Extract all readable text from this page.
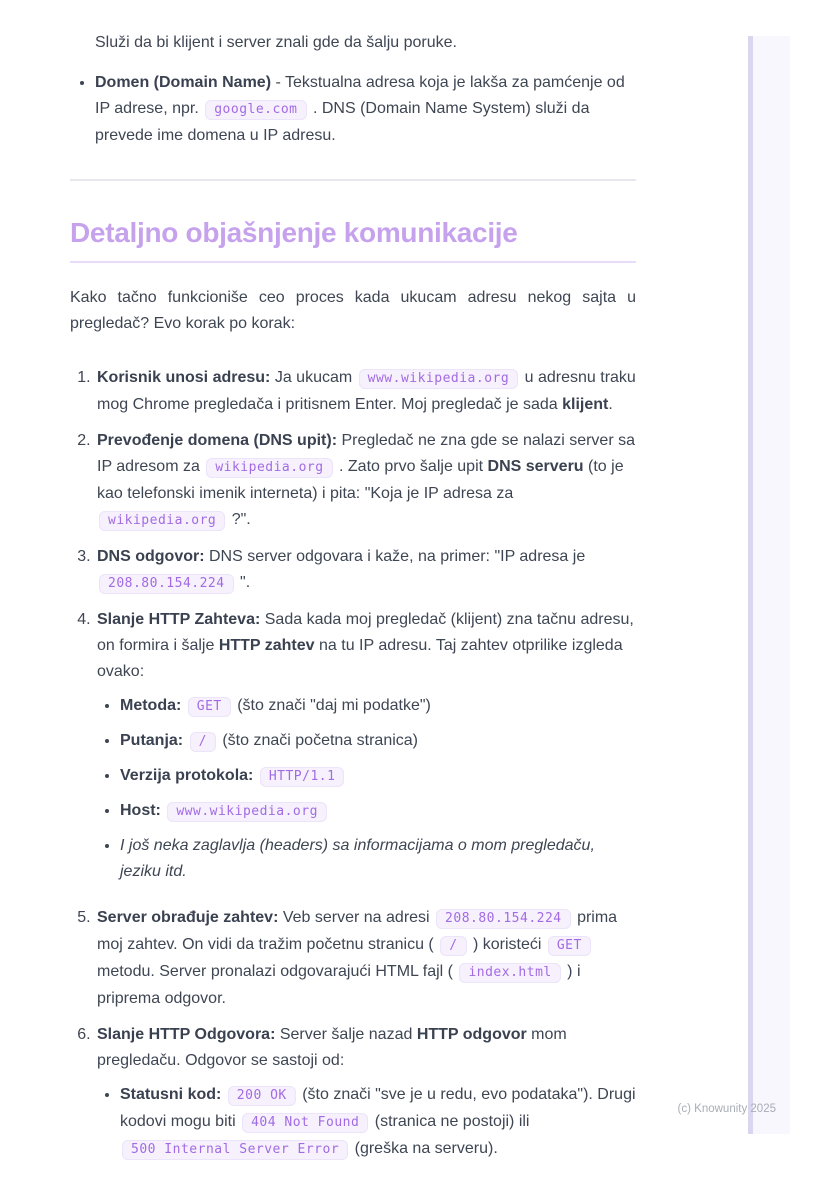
Služi da bi klijent i server znali gde da šalju poruke.
• Domen (Domain Name) - Tekstualna adresa koja je lakša za pamćenje od IP adrese, npr. google.com . DNS (Domain Name System) služi da prevede ime domena u IP adresu.
Detaljno objašnjenje komunikacije

Kako tačno funkcioniše ceo proces kada ukucam adresu nekog sajta u pregledač? Evo korak po korak:

1. Korisnik unosi adresu: Ja ukucam www.wikipedia.org u adresnu traku mog Chrome pregledača i pritisnem Enter. Moj pregledač je sada klijent.
2. Prevođenje domena (DNS upit): Pregledač ne zna gde se nalazi server sa IP adresom za wikipedia.org . Zato prvo šalje upit DNS serveru (to je kao telefonski imenik interneta) i pita: "Koja je IP adresa za wikipedia.org ?".
3. DNS odgovor: DNS server odgovara i kaže, na primer: "IP adresa je 208.80.154.224 ".
4. Slanje HTTP Zahteva: Sada kada moj pregledač (klijent) zna tačnu adresu, on formira i šalje HTTP zahtev na tu IP adresu. Taj zahtev otprilike izgleda ovako:
• Metoda: GET (što znači "daj mi podatke")
• Putanja: / (što znači početna stranica)
• Verzija protokola: HTTP/1.1
• Host: www.wikipedia.org
• I još neka zaglavlja (headers) sa informacijama o mom pregledaču, jeziku itd.
5. Server obrađuje zahtev: Veb server na adresi 208.80.154.224 prima moj zahtev. On vidi da tražim početnu stranicu ( / ) koristeći GET metodu. Server pronalazi odgovarajući HTML fajl ( index.html ) i priprema odgovor.
6. Slanje HTTP Odgovora: Server šalje nazad HTTP odgovor mom pregledaču. Odgovor se sastoji od:
• Statusni kod: 200 OK (što znači "sve je u redu, evo podataka"). Drugi kodovi mogu biti 404 Not Found (stranica ne postoji) ili 500 Internal Server Error (greška na serveru).
(c) Knowunity 2025
